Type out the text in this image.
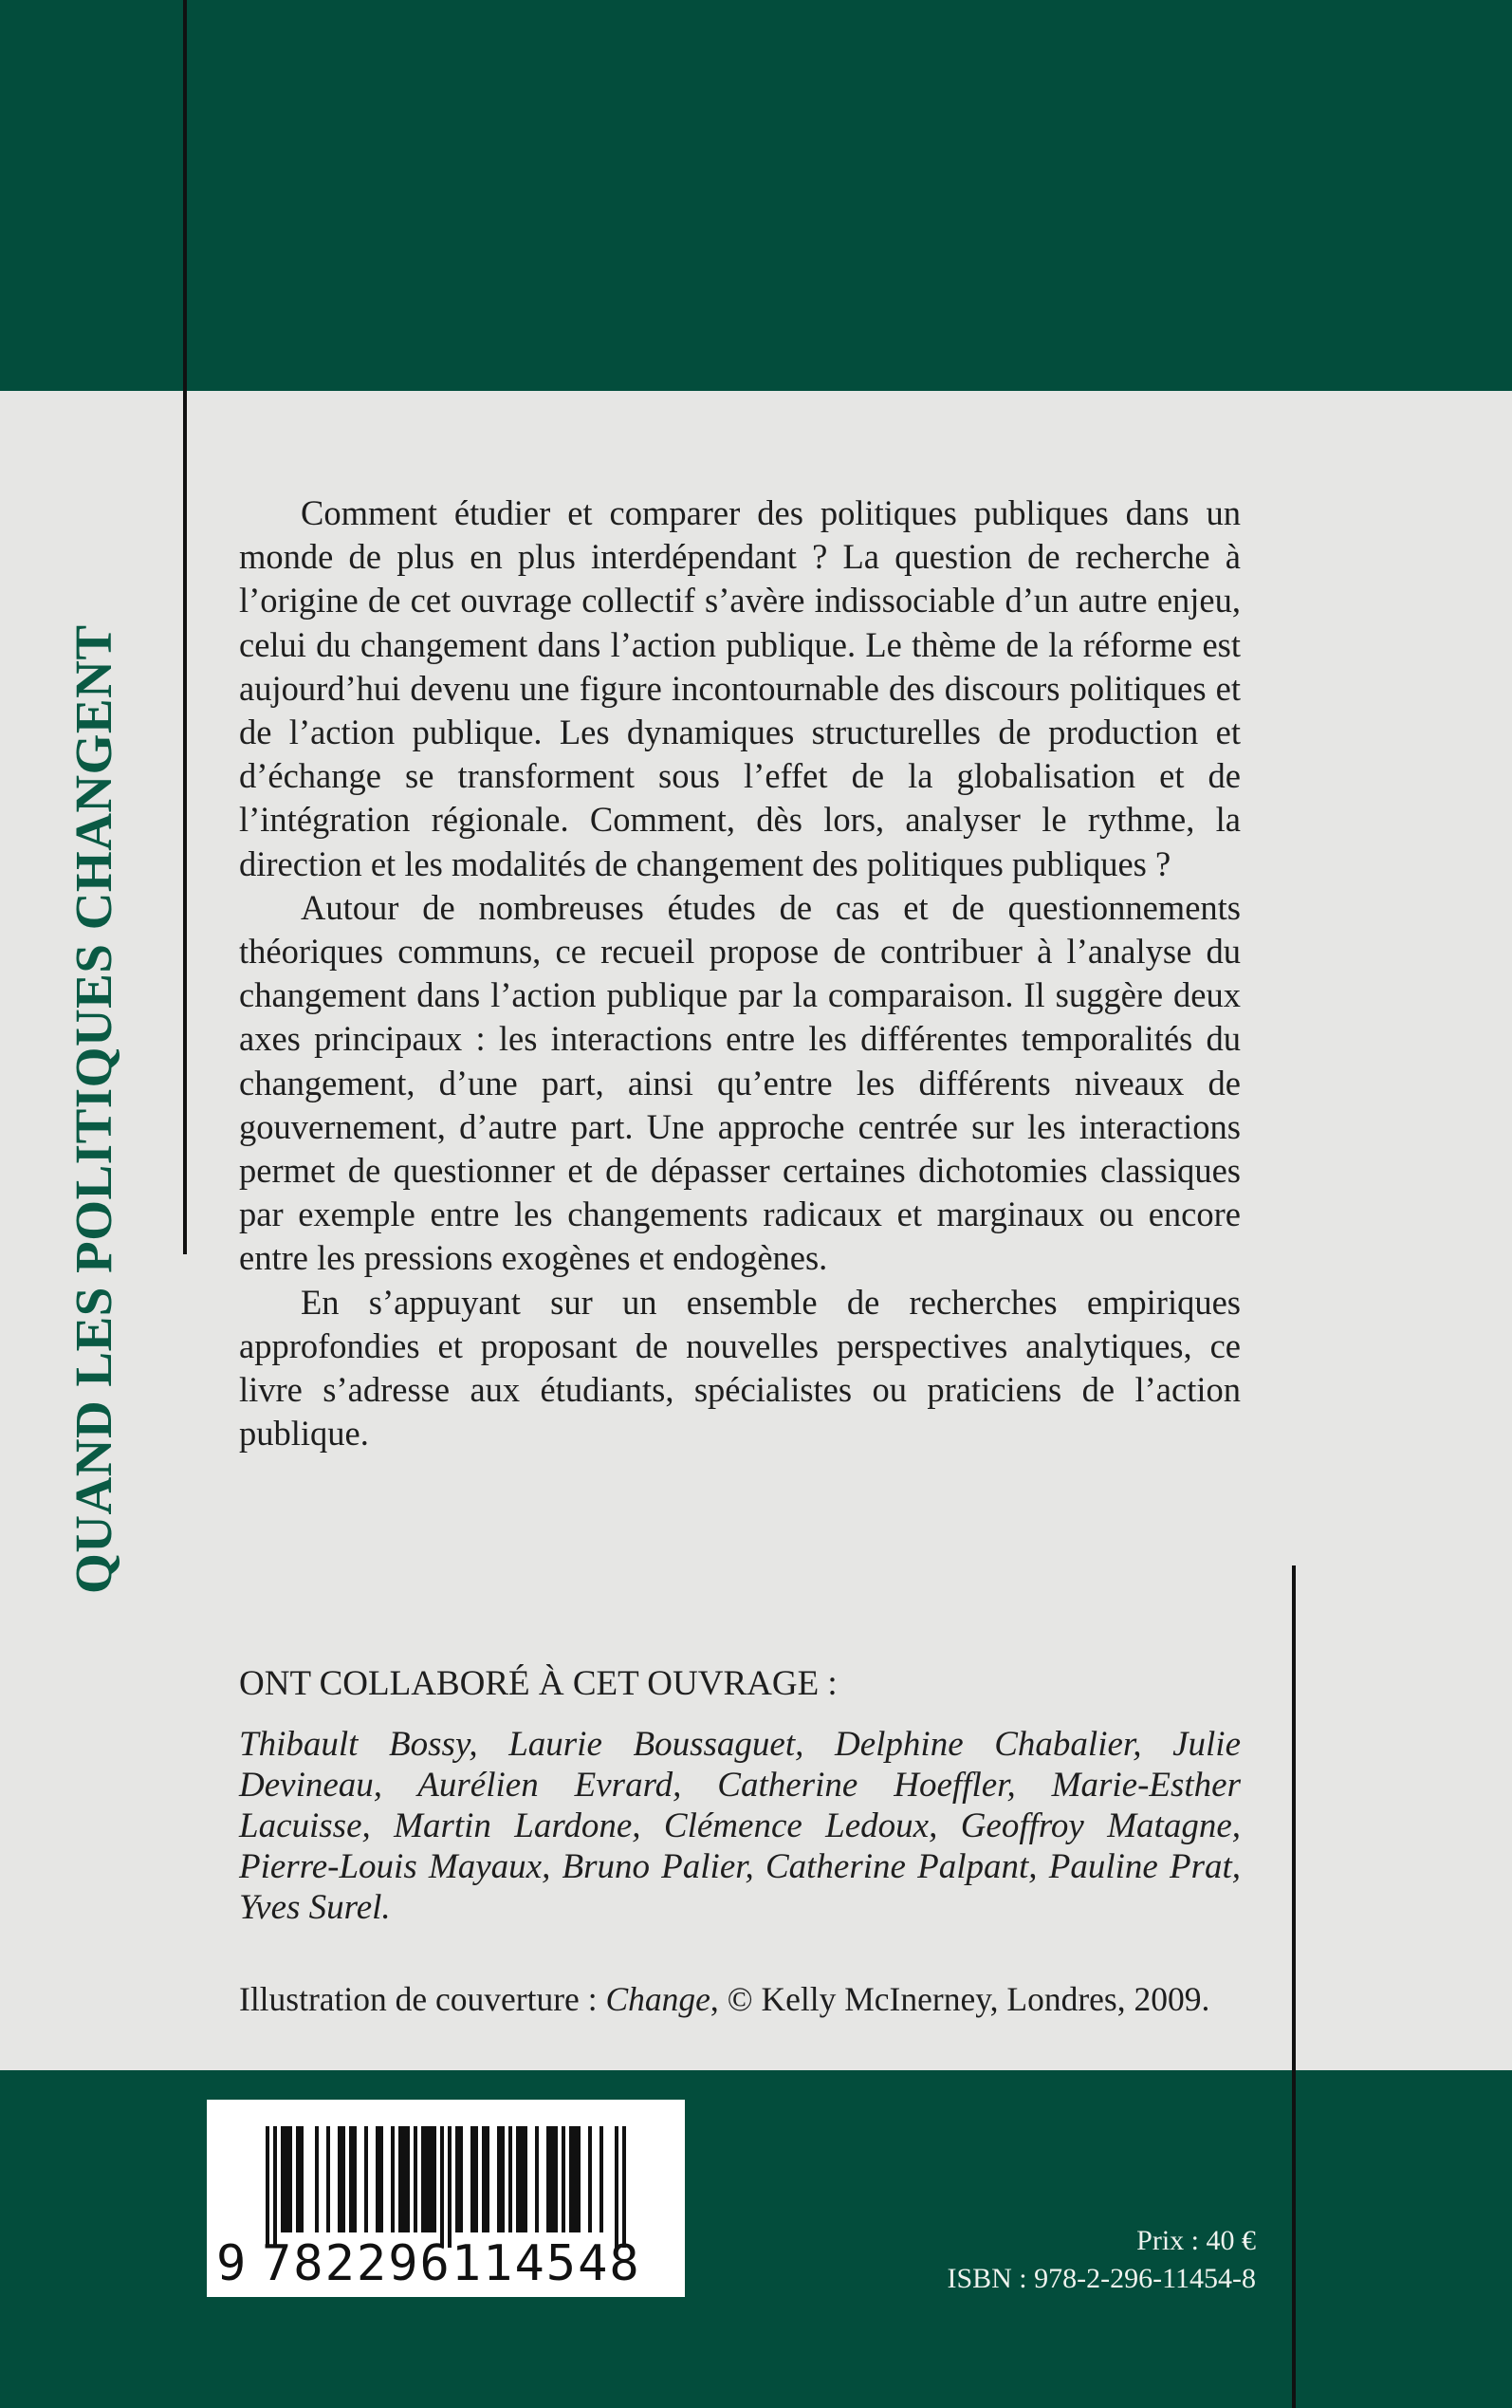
QUAND LES POLITIQUES CHANGENT

Comment étudier et comparer des politiques publiques dans un monde de plus en plus interdépendant ? La question de recherche à l’origine de cet ouvrage collectif s’avère indissociable d’un autre enjeu, celui du changement dans l’action publique. Le thème de la réforme est aujourd’hui devenu une figure incontournable des discours politiques et de l’action publique. Les dynamiques structurelles de production et d’échange se transforment sous l’effet de la globalisation et de l’intégration régionale. Comment, dès lors, analyser le rythme, la direction et les modalités de changement des politiques publiques ?

Autour de nombreuses études de cas et de questionnements théoriques communs, ce recueil propose de contribuer à l’analyse du changement dans l’action publique par la comparaison. Il suggère deux axes principaux : les interactions entre les différentes temporalités du changement, d’une part, ainsi qu’entre les différents niveaux de gouvernement, d’autre part. Une approche centrée sur les interactions permet de questionner et de dépasser certaines dichotomies classiques par exemple entre les changements radicaux et marginaux ou encore entre les pressions exogènes et endogènes.

En s’appuyant sur un ensemble de recherches empiriques approfondies et proposant de nouvelles perspectives analytiques, ce livre s’adresse aux étudiants, spécialistes ou praticiens de l’action publique.

ONT COLLABORÉ À CET OUVRAGE :
Thibault Bossy, Laurie Boussaguet, Delphine Chabalier, Julie Devineau, Aurélien Evrard, Catherine Hoeffler, Marie-Esther Lacuisse, Martin Lardone, Clémence Ledoux, Geoffroy Matagne, Pierre-Louis Mayaux, Bruno Palier, Catherine Palpant, Pauline Prat, Yves Surel.
Illustration de couverture : Change, © Kelly McInerney, Londres, 2009.
9 782296114548	Prix : 40 €
ISBN : 978-2-296-11454-8
